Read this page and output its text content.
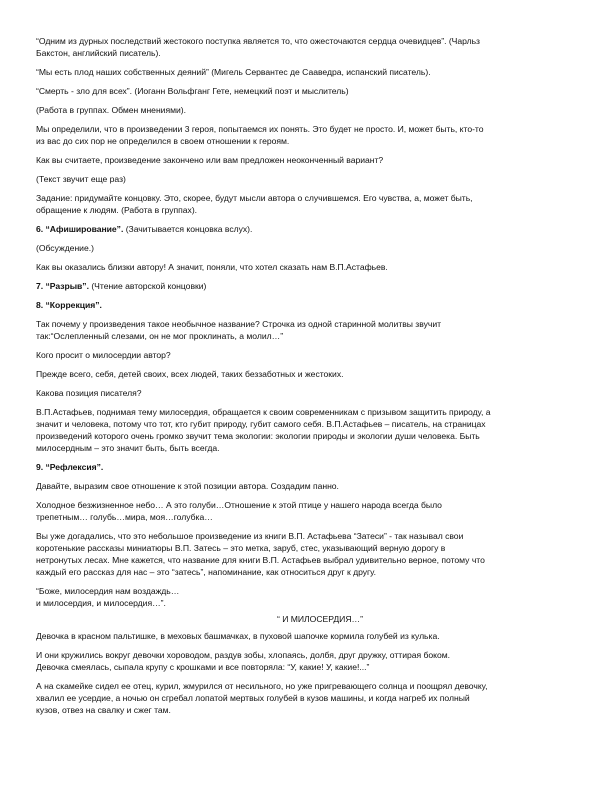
“Одним из дурных последствий жестокого поступка является то, что ожесточаются сердца очевидцев”. (Чарльз
Бакстон, английский писатель).

“Мы есть плод наших собственных деяний” (Мигель Сервантес де Сааведра, испанский писатель).

“Смерть - зло для всех”. (Иоганн Вольфганг Гете, немецкий поэт и мыслитель)

(Работа в группах. Обмен мнениями).

Мы определили, что в произведении 3 героя, попытаемся их понять. Это будет не просто. И, может быть, кто-то
из вас до сих пор не определился в своем отношении к героям.

Как вы считаете, произведение закончено или вам предложен неоконченный вариант?

(Текст звучит еще раз)

Задание: придумайте концовку. Это, скорее, будут мысли автора о случившемся. Его чувства, а, может быть,
обращение к людям. (Работа в группах).

6. “Афиширование”. (Зачитывается концовка вслух).

(Обсуждение.)

Как вы оказались близки автору! А значит, поняли, что хотел сказать нам В.П.Астафьев.

7. “Разрыв”. (Чтение авторской концовки)

8. “Коррекция”.

Так почему у произведения такое необычное название? Строчка из одной старинной молитвы звучит
так:“Ослепленный слезами, он не мог проклинать, а молил…”

Кого просит о милосердии автор?

Прежде всего, себя, детей своих, всех людей, таких беззаботных и жестоких.

Какова позиция писателя?

В.П.Астафьев, поднимая тему милосердия, обращается к своим современникам с призывом защитить природу, а
значит и человека, потому что тот, кто губит природу, губит самого себя. В.П.Астафьев – писатель, на страницах
произведений которого очень громко звучит тема экологии: экологии природы и экологии души человека. Быть
милосердным – это значит быть, быть всегда.

9. “Рефлексия”.

Давайте, выразим свое отношение к этой позиции автора. Создадим панно.

Холодное безжизненное небо… А это голуби…Отношение к этой птице у нашего народа всегда было
трепетным… голубь…мира, моя…голубка…

Вы уже догадались, что это небольшое произведение из книги В.П. Астафьева “Затеси” - так называл свои
коротенькие рассказы миниатюры В.П. Затесь – это метка, заруб, стес, указывающий верную дорогу в
нетронутых лесах. Мне кажется, что название для книги В.П. Астафьев выбрал удивительно верное, потому что
каждый его рассказ для нас – это “затесь”, напоминание, как относиться друг к другу.

“Боже, милосердия нам воздаждь…
и милосердия, и милосердия…”.

“ И МИЛОСЕРДИЯ…”

Девочка в красном пальтишке, в меховых башмачках, в пуховой шапочке кормила голубей из кулька.

И они кружились вокруг девочки хороводом, раздув зобы, хлопаясь, долбя, друг дружку, оттирая боком.
Девочка смеялась, сыпала крупу с крошками и все повторяла: “У, какие! У, какие!...”

А на скамейке сидел ее отец, курил, жмурился от несильного, но уже пригревающего солнца и поощрял девочку,
хвалил ее усердие, а ночью он сгребал лопатой мертвых голубей в кузов машины, и когда нагреб их полный
кузов, отвез на свалку и сжег там.
